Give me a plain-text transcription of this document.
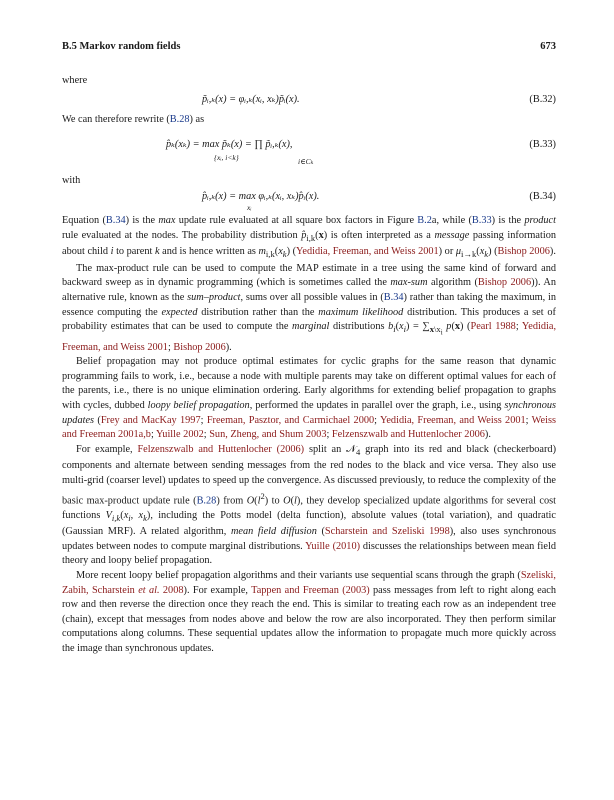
B.5 Markov random fields	673
where
p̃ᵢ,ₖ(x) = φᵢ,ₖ(xᵢ, xₖ)p̃ᵢ(x).	(B.32)
We can therefore rewrite (B.28) as
p̂ₖ(xₖ) = max p̃ₖ(x) = ∏ p̃ᵢ,ₖ(x),
{xᵢ, i<k}	i∈Cₖ
(B.33)
with
p̂ᵢ,ₖ(x) = max φᵢ,ₖ(xᵢ, xₖ)p̂ᵢ(x).
xᵢ
(B.34)

Equation (B.34) is the max update rule evaluated at all square box factors in Figure B.2a, while (B.33) is the product rule evaluated at the nodes. The probability distribution $p̂_{i,k}(x)$ is often interpreted as a message passing information about child i to parent k and is hence written as $m_{i,k}(x_k)$ (Yedidia, Freeman, and Weiss 2001) or $\mu_{i\to k}(x_k)$ (Bishop 2006).

The max-product rule can be used to compute the MAP estimate in a tree using the same kind of forward and backward sweep as in dynamic programming (which is sometimes called the max-sum algorithm (Bishop 2006)). An alternative rule, known as the sum–product, sums over all possible values in (B.34) rather than taking the maximum, in essence computing the expected distribution rather than the maximum likelihood distribution. This produces a set of probability estimates that can be used to compute the marginal distributions $b_i(x_i) = \sum_{x\backslash x_i}$ p(x) (Pearl 1988; Yedidia, Freeman, and Weiss 2001; Bishop 2006).

Belief propagation may not produce optimal estimates for cyclic graphs for the same reason that dynamic programming fails to work, i.e., because a node with multiple parents may take on different optimal values for each of the parents, i.e., there is no unique elimination ordering. Early algorithms for extending belief propagation to graphs with cycles, dubbed loopy belief propagation, performed the updates in parallel over the graph, i.e., using synchronous updates (Frey and MacKay 1997; Freeman, Pasztor, and Carmichael 2000; Yedidia, Freeman, and Weiss 2001; Weiss and Freeman 2001a,b; Yuille 2002; Sun, Zheng, and Shum 2003; Felzenszwalb and Huttenlocher 2006).

For example, Felzenszwalb and Huttenlocher (2006) split an 𝒩$_4$ graph into its red and black (checkerboard) components and alternate between sending messages from the red nodes to the black and vice versa. They also use multi-grid (coarser level) updates to speed up the convergence. As discussed previously, to reduce the complexity of the basic max-product update rule (B.28) from $O(l^2)$ to O(l), they develop specialized update algorithms for several cost functions $V_{i,k}(x_i$, $x_k$), including the Potts model (delta function), absolute values (total variation), and quadratic (Gaussian MRF). A related algorithm, mean field diffusion (Scharstein and Szeliski 1998), also uses synchronous updates between nodes to compute marginal distributions. Yuille (2010) discusses the relationships between mean field theory and loopy belief propagation.

More recent loopy belief propagation algorithms and their variants use sequential scans through the graph (Szeliski, Zabih, Scharstein et al. 2008). For example, Tappen and Freeman (2003) pass messages from left to right along each row and then reverse the direction once they reach the end. This is similar to treating each row as an independent tree (chain), except that messages from nodes above and below the row are also incorporated. They then perform similar computations along columns. These sequential updates allow the information to propagate much more quickly across the image than synchronous updates.
